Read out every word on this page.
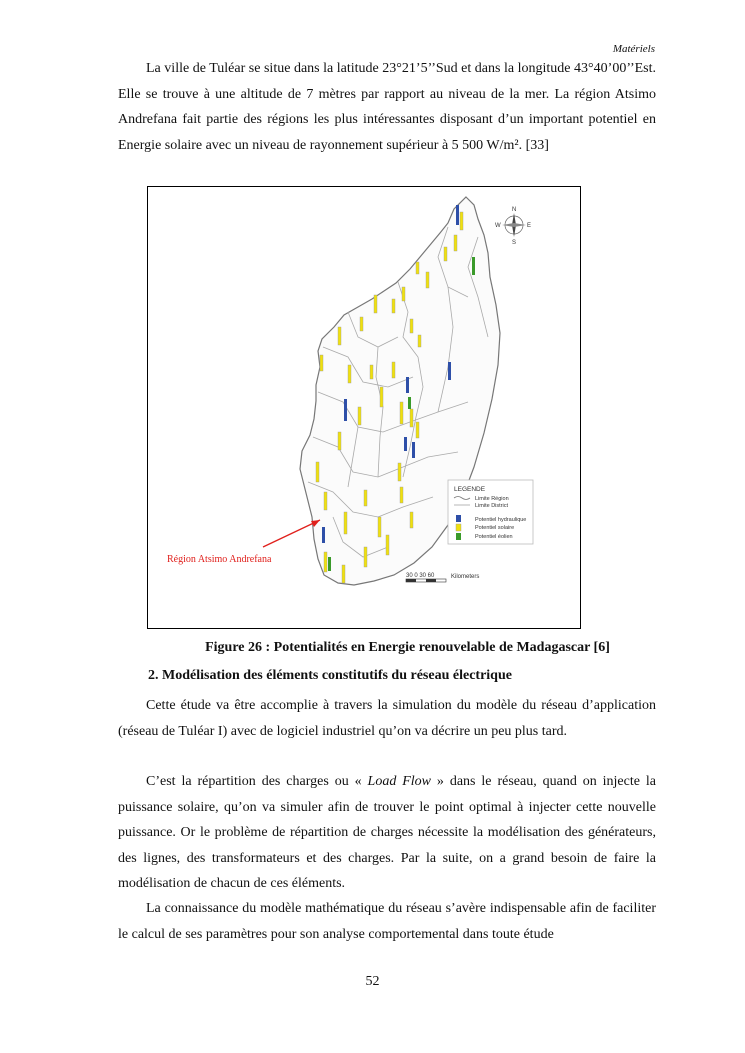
Matériels

La ville de Tuléar se situe dans la latitude 23°21’5’’Sud et dans la longitude 43°40’00’’Est. Elle se trouve à une altitude de 7 mètres par rapport au niveau de la mer. La région Atsimo Andrefana fait partie des régions les plus intéressantes disposant d’un important potentiel en Energie solaire avec un niveau de rayonnement supérieur à 5 500 W/m². [33]

N
S
E
W
LEGENDE
Limite Région
Limite District
Potentiel hydraulique
Potentiel solaire
Potentiel éolien
30 0 30 60	Kilometers
Région Atsimo Andrefana
Figure 26 : Potentialités en Energie renouvelable de Madagascar [6]
2. Modélisation des éléments constitutifs du réseau électrique

Cette étude va être accomplie à travers la simulation du modèle du réseau d’application (réseau de Tuléar I) avec de logiciel industriel qu’on va décrire un peu plus tard.

C’est la répartition des charges ou « Load Flow » dans le réseau, quand on injecte la puissance solaire, qu’on va simuler afin de trouver le point optimal à injecter cette nouvelle puissance. Or le problème de répartition de charges nécessite la modélisation des générateurs, des lignes, des transformateurs et des charges. Par la suite, on a grand besoin de faire la modélisation de chacun de ces éléments.

La connaissance du modèle mathématique du réseau s’avère indispensable afin de faciliter le calcul de ses paramètres pour son analyse comportemental dans toute étude

52
